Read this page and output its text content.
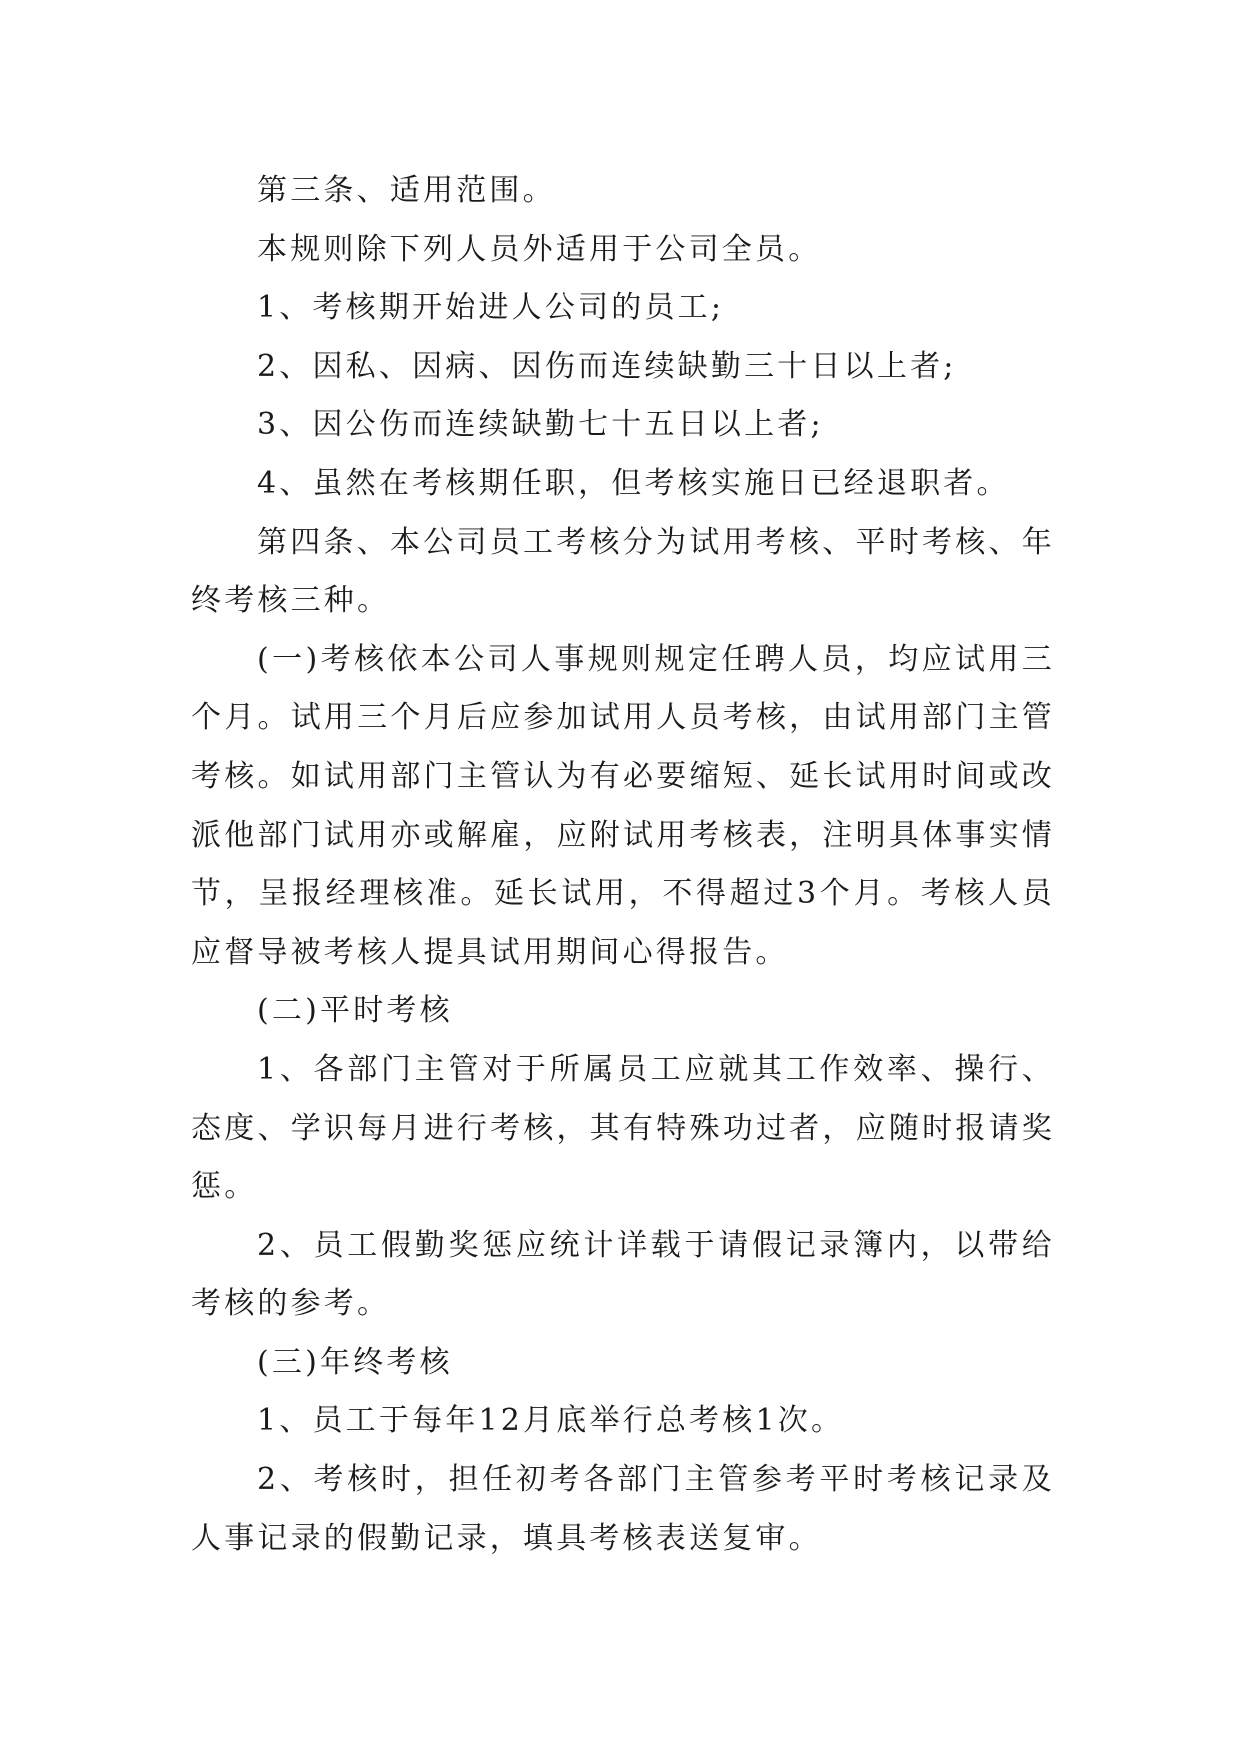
第三条、适用范围。

本规则除下列人员外适用于公司全员。

1、考核期开始进人公司的员工;

2、因私、因病、因伤而连续缺勤三十日以上者;

3、因公伤而连续缺勤七十五日以上者;

4、虽然在考核期任职，但考核实施日已经退职者。

第四条、本公司员工考核分为试用考核、平时考核、年终考核三种。

(一)考核依本公司人事规则规定任聘人员，均应试用三个月。试用三个月后应参加试用人员考核，由试用部门主管考核。如试用部门主管认为有必要缩短、延长试用时间或改派他部门试用亦或解雇，应附试用考核表，注明具体事实情节，呈报经理核准。延长试用，不得超过3个月。考核人员应督导被考核人提具试用期间心得报告。

(二)平时考核

1、各部门主管对于所属员工应就其工作效率、操行、态度、学识每月进行考核，其有特殊功过者，应随时报请奖惩。

2、员工假勤奖惩应统计详载于请假记录簿内，以带给考核的参考。

(三)年终考核

1、员工于每年12月底举行总考核1次。

2、考核时，担任初考各部门主管参考平时考核记录及人事记录的假勤记录，填具考核表送复审。
